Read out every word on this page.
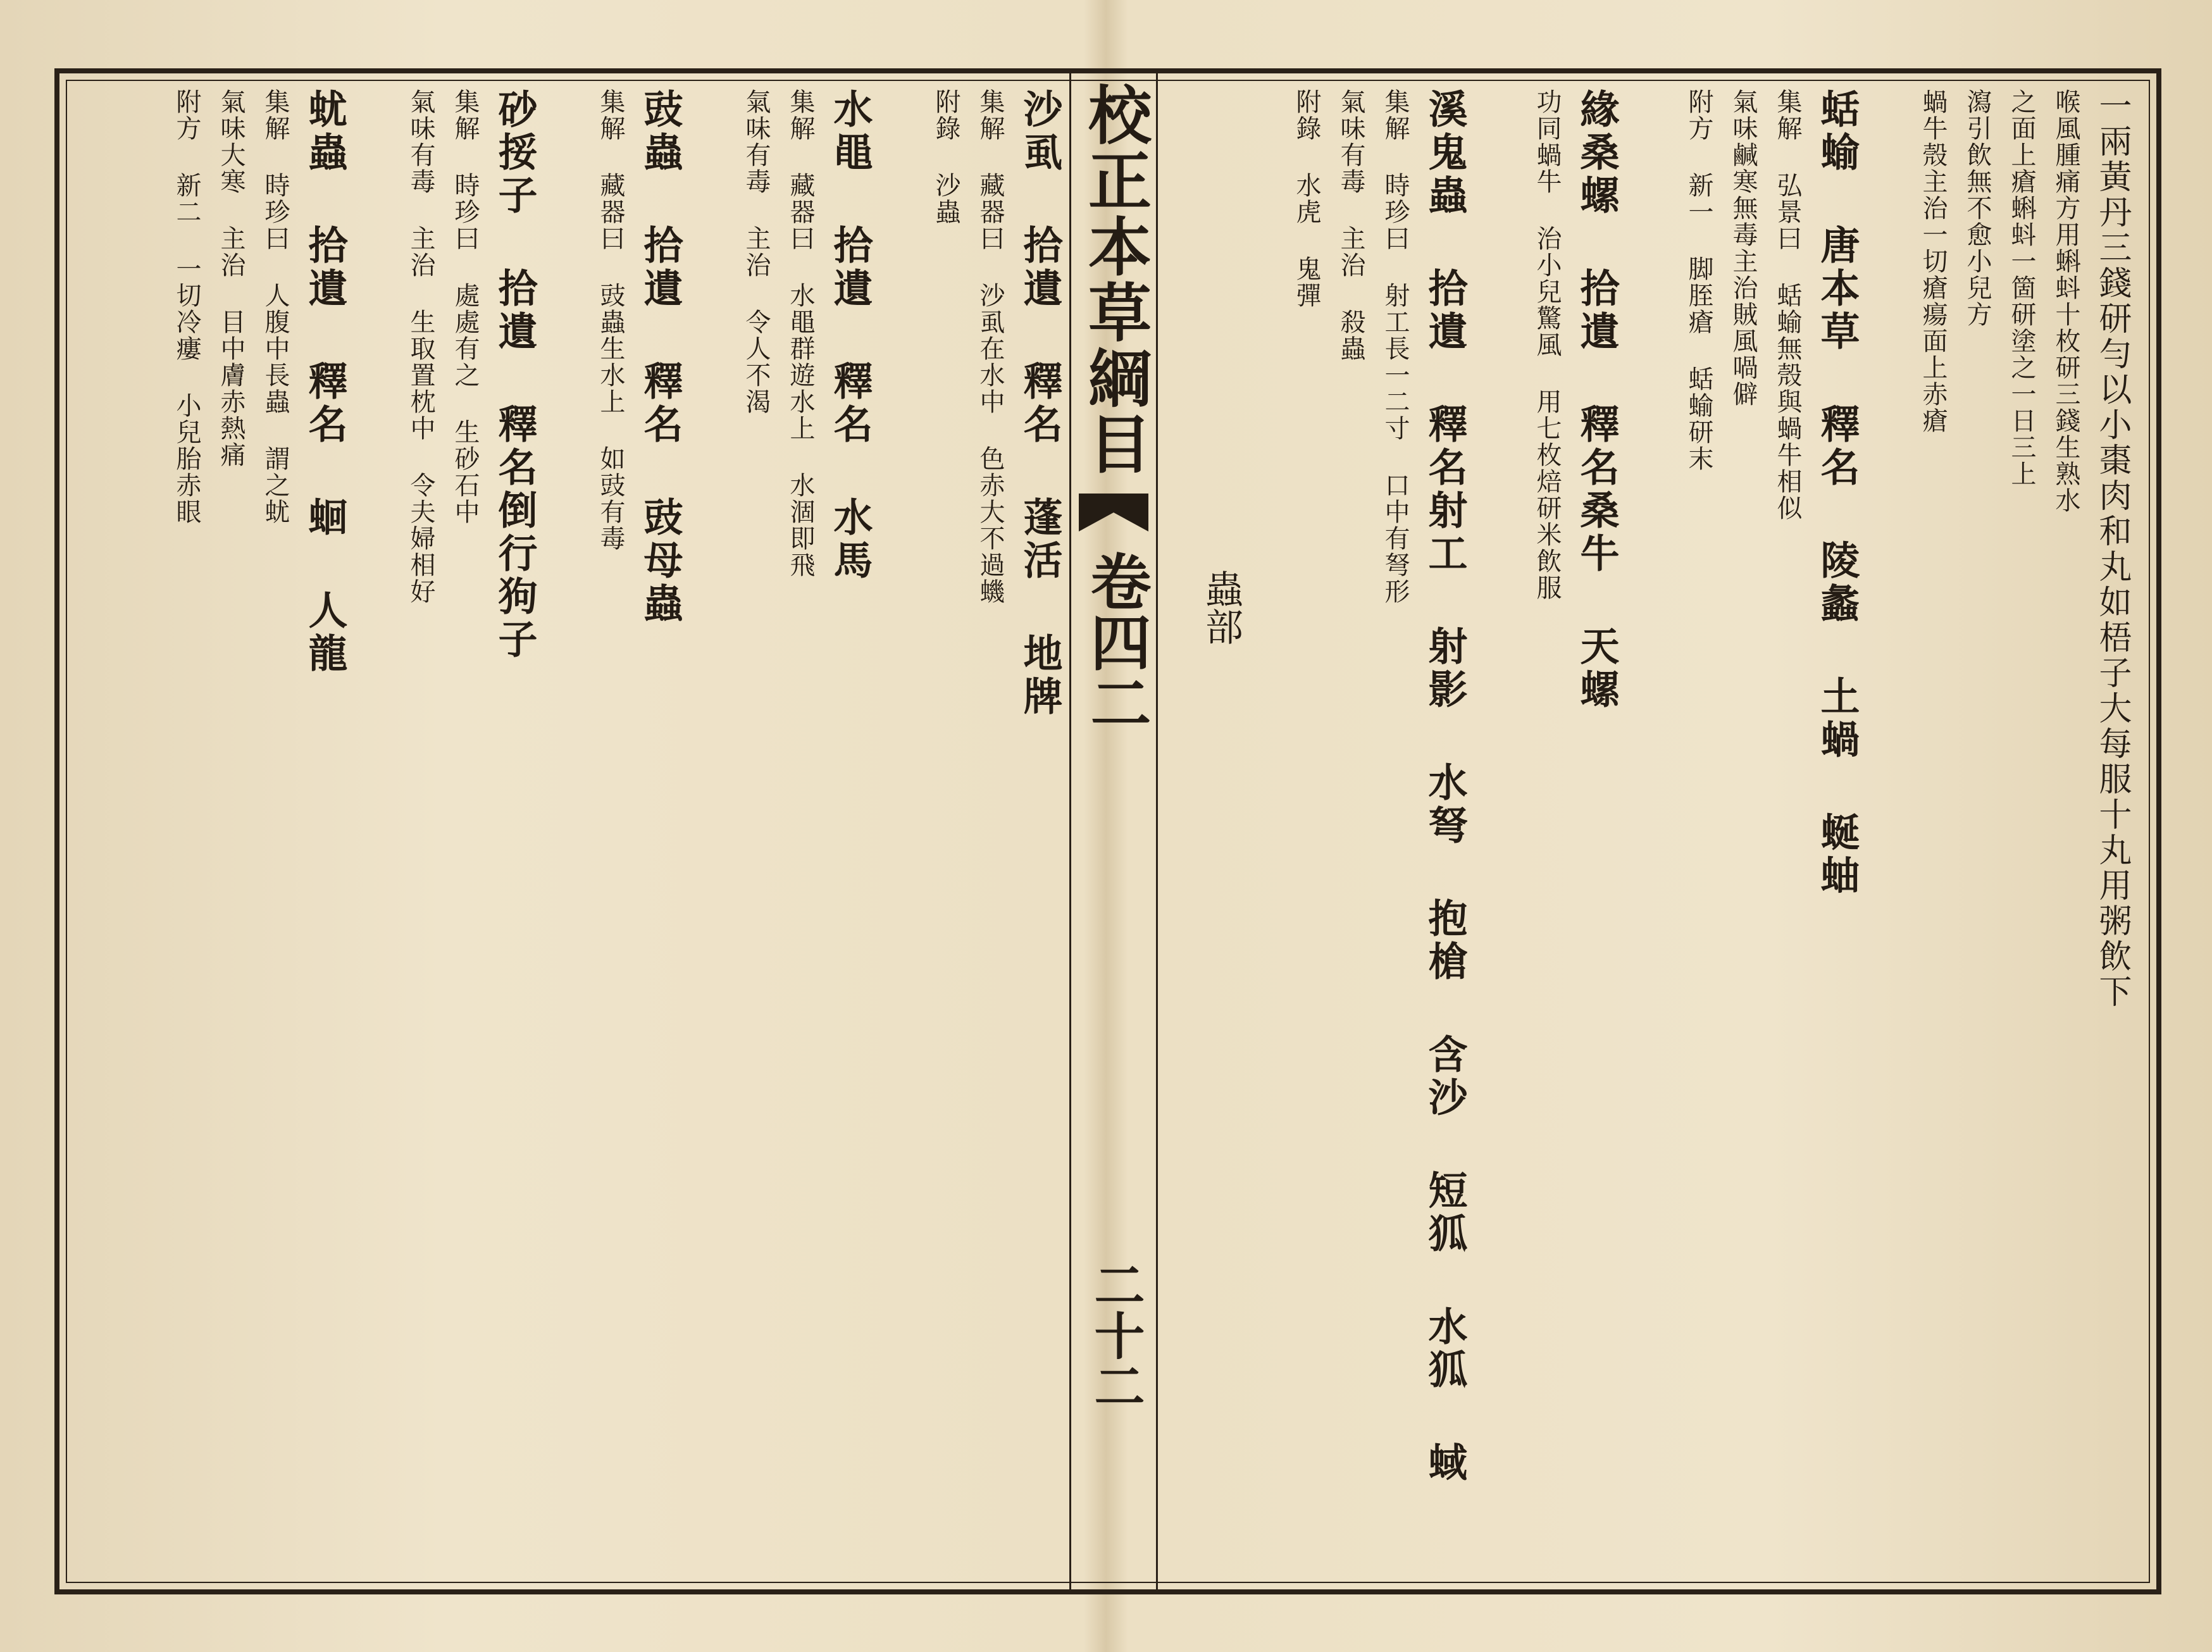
一兩黃丹三錢研勻以小棗肉和丸如梧子大每服十丸用粥飲下
喉風腫痛方用蝌蚪十枚研三錢生熟水
之面上瘡蝌蚪一箇研塗之一日三上
瀉引飲無不愈小兒方
蝸牛殼主治一切瘡瘍面上赤瘡
蛞蝓 唐本草 釋名 陵蠡 土蝸 蜒蚰
集解 弘景曰 蛞蝓無殼與蝸牛相似
氣味鹹寒無毒主治賊風喎僻
附方 新一 脚胵瘡 蛞蝓研末
緣桑螺 拾遺 釋名桑牛 天螺
功同蝸牛 治小兒驚風 用七枚焙研米飲服
溪鬼蟲 拾遺 釋名射工 射影 水弩 抱槍 含沙 短狐 水狐 蜮
集解 時珍曰 射工長一二寸 口中有弩形
氣味有毒 主治 殺蟲
附錄 水虎 鬼彈
校正本草綱目
卷四二
二十二
蟲部
沙虱 拾遺 釋名 蓬活 地牌
集解 藏器曰 沙虱在水中 色赤大不過蟣
附錄 沙蟲
水黽 拾遺 釋名 水馬
集解 藏器曰 水黽群遊水上 水涸即飛
氣味有毒 主治 令人不渴
豉蟲 拾遺 釋名 豉母蟲
集解 藏器曰 豉蟲生水上 如豉有毒
砂挼子 拾遺 釋名倒行狗子
集解 時珍曰 處處有之 生砂石中
氣味有毒 主治 生取置枕中 令夫婦相好
蚘蟲 拾遺 釋名 蛔 人龍
集解 時珍曰 人腹中長蟲 謂之蚘
氣味大寒 主治 目中膚赤熱痛
附方 新二 一切冷瘻 小兒胎赤眼
